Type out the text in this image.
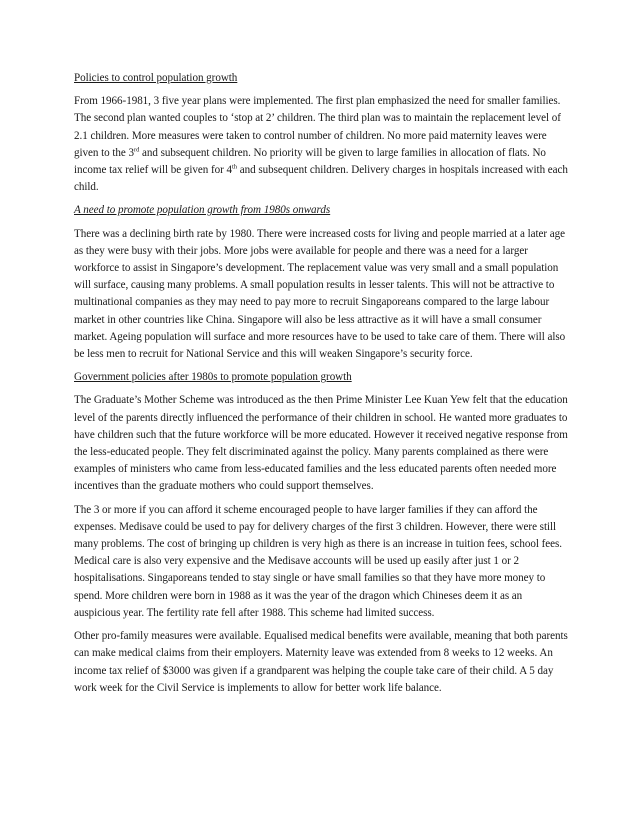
Policies to control population growth

From 1966-1981, 3 five year plans were implemented. The first plan emphasized the need for smaller families. The second plan wanted couples to ‘stop at 2’ children. The third plan was to maintain the replacement level of 2.1 children. More measures were taken to control number of children. No more paid maternity leaves were given to the 3rd and subsequent children. No priority will be given to large families in allocation of flats. No income tax relief will be given for 4th and subsequent children. Delivery charges in hospitals increased with each child.

A need to promote population growth from 1980s onwards

There was a declining birth rate by 1980. There were increased costs for living and people married at a later age as they were busy with their jobs. More jobs were available for people and there was a need for a larger workforce to assist in Singapore’s development. The replacement value was very small and a small population will surface, causing many problems. A small population results in lesser talents. This will not be attractive to multinational companies as they may need to pay more to recruit Singaporeans compared to the large labour market in other countries like China. Singapore will also be less attractive as it will have a small consumer market. Ageing population will surface and more resources have to be used to take care of them. There will also be less men to recruit for National Service and this will weaken Singapore’s security force.

Government policies after 1980s to promote population growth

The Graduate’s Mother Scheme was introduced as the then Prime Minister Lee Kuan Yew felt that the education level of the parents directly influenced the performance of their children in school. He wanted more graduates to have children such that the future workforce will be more educated. However it received negative response from the less-educated people. They felt discriminated against the policy. Many parents complained as there were examples of ministers who came from less-educated families and the less educated parents often needed more incentives than the graduate mothers who could support themselves.

The 3 or more if you can afford it scheme encouraged people to have larger families if they can afford the expenses. Medisave could be used to pay for delivery charges of the first 3 children. However, there were still many problems. The cost of bringing up children is very high as there is an increase in tuition fees, school fees. Medical care is also very expensive and the Medisave accounts will be used up easily after just 1 or 2 hospitalisations. Singaporeans tended to stay single or have small families so that they have more money to spend. More children were born in 1988 as it was the year of the dragon which Chineses deem it as an auspicious year. The fertility rate fell after 1988. This scheme had limited success.

Other pro-family measures were available. Equalised medical benefits were available, meaning that both parents can make medical claims from their employers. Maternity leave was extended from 8 weeks to 12 weeks. An income tax relief of $3000 was given if a grandparent was helping the couple take care of their child. A 5 day work week for the Civil Service is implements to allow for better work life balance.
